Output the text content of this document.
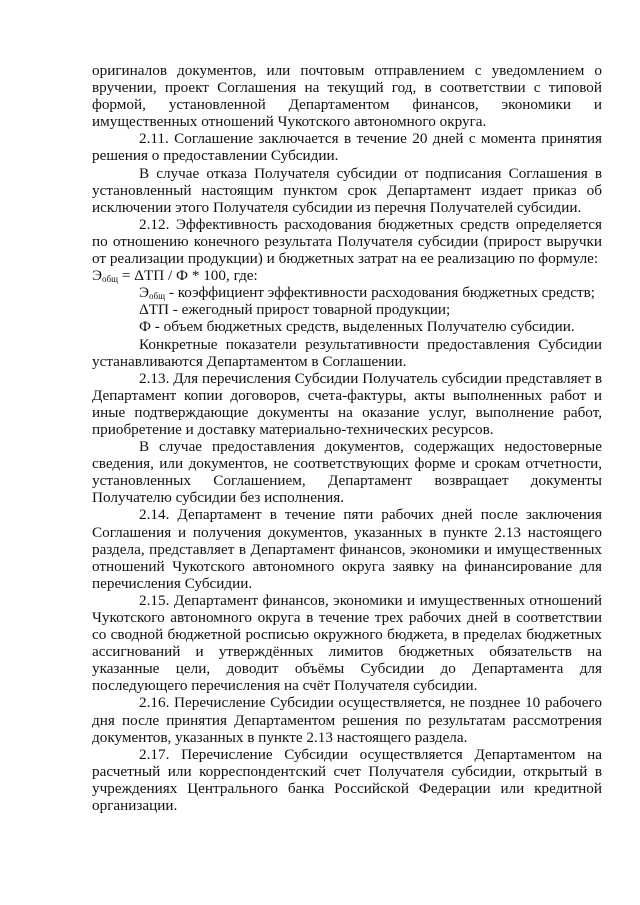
оригиналов документов, или почтовым отправлением с уведомлением о вручении, проект Соглашения на текущий год, в соответствии с типовой формой, установленной Департаментом финансов, экономики и имущественных отношений Чукотского автономного округа.

2.11. Соглашение заключается в течение 20 дней с момента принятия решения о предоставлении Субсидии.

В случае отказа Получателя субсидии от подписания Соглашения в установленный настоящим пунктом срок Департамент издает приказ об исключении этого Получателя субсидии из перечня Получателей субсидии.

2.12. Эффективность расходования бюджетных средств определяется по отношению конечного результата Получателя субсидии (прирост выручки от реализации продукции) и бюджетных затрат на ее реализацию по формуле:

$Э_{общ} = \Delta ТП / Ф * 100$, где:

$Э_{общ}$ - коэффициент эффективности расходования бюджетных средств;

ΔТП - ежегодный прирост товарной продукции;

Ф - объем бюджетных средств, выделенных Получателю субсидии.

Конкретные показатели результативности предоставления Субсидии устанавливаются Департаментом в Соглашении.

2.13. Для перечисления Субсидии Получатель субсидии представляет в Департамент копии договоров, счета-фактуры, акты выполненных работ и иные подтверждающие документы на оказание услуг, выполнение работ, приобретение и доставку материально-технических ресурсов.

В случае предоставления документов, содержащих недостоверные сведения, или документов, не соответствующих форме и срокам отчетности, установленных Соглашением, Департамент возвращает документы Получателю субсидии без исполнения.

2.14. Департамент в течение пяти рабочих дней после заключения Соглашения и получения документов, указанных в пункте 2.13 настоящего раздела, представляет в Департамент финансов, экономики и имущественных отношений Чукотского автономного округа заявку на финансирование для перечисления Субсидии.

2.15. Департамент финансов, экономики и имущественных отношений Чукотского автономного округа в течение трех рабочих дней в соответствии со сводной бюджетной росписью окружного бюджета, в пределах бюджетных ассигнований и утверждённых лимитов бюджетных обязательств на указанные цели, доводит объёмы Субсидии до Департамента для последующего перечисления на счёт Получателя субсидии.

2.16. Перечисление Субсидии осуществляется, не позднее 10 рабочего дня после принятия Департаментом решения по результатам рассмотрения документов, указанных в пункте 2.13 настоящего раздела.

2.17. Перечисление Субсидии осуществляется Департаментом на расчетный или корреспондентский счет Получателя субсидии, открытый в учреждениях Центрального банка Российской Федерации или кредитной организации.
